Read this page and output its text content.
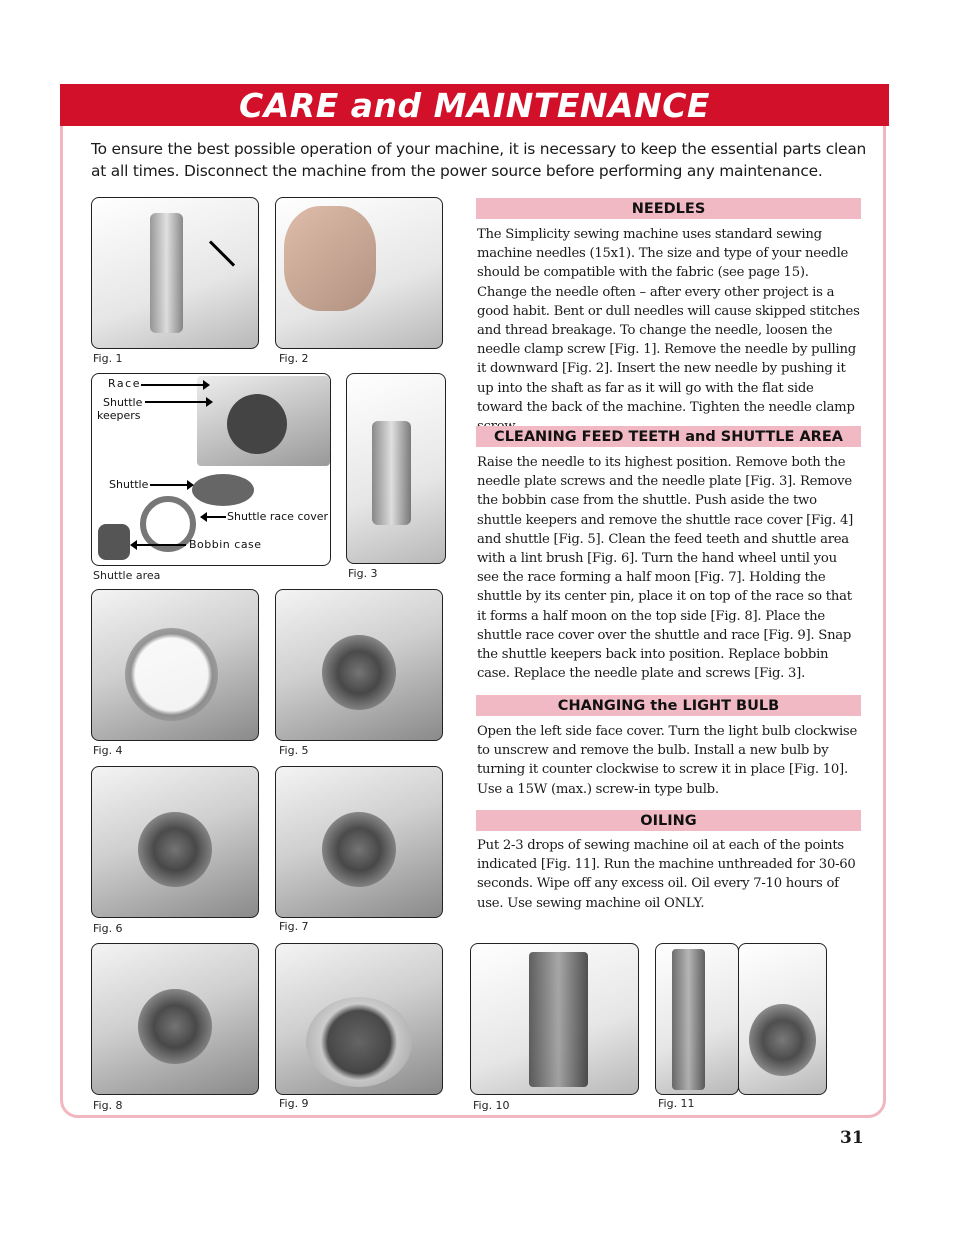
CARE and MAINTENANCE

To ensure the best possible operation of your machine, it is necessary to keep the essential parts clean at all times. Disconnect the machine from the power source before performing any maintenance.

Fig. 1	Fig. 2
Race
Shuttle
keepers
Shuttle
Shuttle race cover
Bobbin case
Shuttle area	Fig. 3
Fig. 4	Fig. 5
Fig. 6	Fig. 7
Fig. 8	Fig. 9	Fig. 10	Fig. 11
NEEDLES

The Simplicity sewing machine uses standard sewing machine needles (15x1). The size and type of your needle should be compatible with the fabric (see page 15). Change the needle often – after every other project is a good habit. Bent or dull needles will cause skipped stitches and thread breakage. To change the needle, loosen the needle clamp screw [Fig. 1]. Remove the needle by pulling it downward [Fig. 2]. Insert the new needle by pushing it up into the shaft as far as it will go with the flat side toward the back of the machine. Tighten the needle clamp

CLEANING FEED TEETH and SHUTTLE AREA

Raise the needle to its highest position. Remove both the needle plate screws and the needle plate [Fig. 3]. Remove the bobbin case from the shuttle. Push aside the two shuttle keepers and remove the shuttle race cover [Fig. 4] and shuttle [Fig. 5]. Clean the feed teeth and shuttle area with a lint brush [Fig. 6]. Turn the hand wheel until you see the race forming a half moon [Fig. 7]. Holding the shuttle by its center pin, place it on top of the race so that it forms a half moon on the top side [Fig. 8]. Place the shuttle race cover over the shuttle and race [Fig. 9]. Snap the shuttle keepers back into position. Replace bobbin case. Replace the needle plate and screws [Fig. 3].

CHANGING the LIGHT BULB

Open the left side face cover. Turn the light bulb clockwise to unscrew and remove the bulb. Install a new bulb by turning it counter clockwise to screw it in place [Fig. 10]. Use a 15W (max.) screw-in type bulb.

OILING

Put 2-3 drops of sewing machine oil at each of the points indicated [Fig. 11]. Run the machine unthreaded for 30-60 seconds. Wipe off any excess oil. Oil every 7-10 hours of use. Use sewing machine oil ONLY.

31
